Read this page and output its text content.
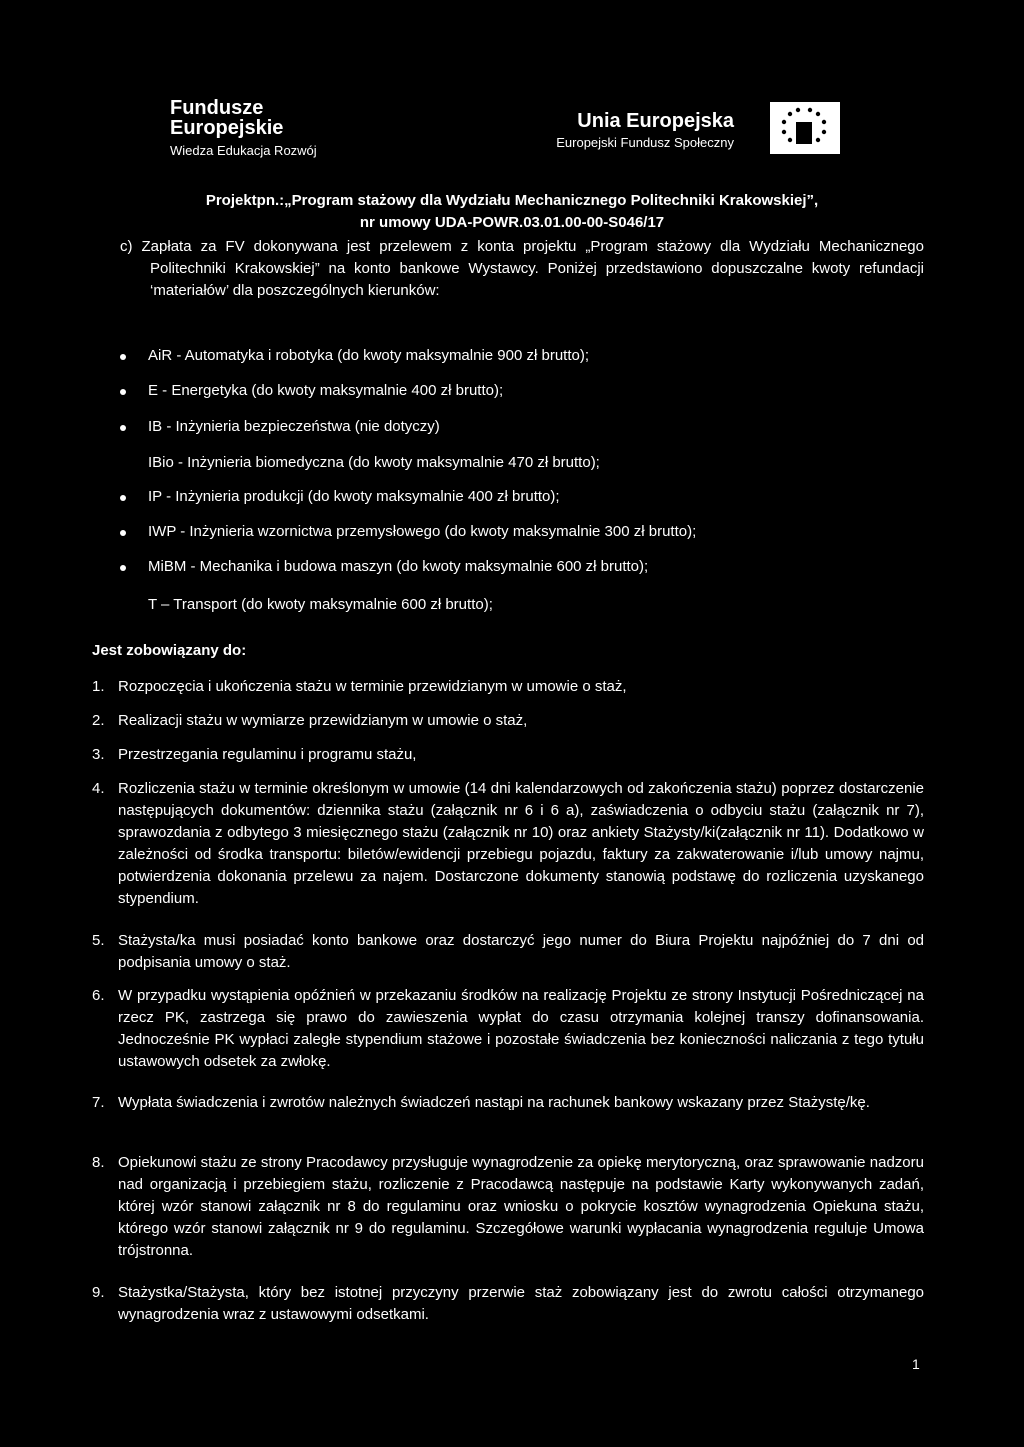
Fundusze
Europejskie
Wiedza Edukacja Rozwój
Unia Europejska
Europejski Fundusz Społeczny
Projektpn.:„Program stażowy dla Wydziału Mechanicznego Politechniki Krakowskiej”,
nr umowy UDA-POWR.03.01.00-00-S046/17
c) Zapłata za FV dokonywana jest przelewem z konta projektu „Program stażowy dla Wydziału Mechanicznego Politechniki Krakowskiej” na konto bankowe Wystawcy. Poniżej przedstawiono dopuszczalne kwoty refundacji ‘materiałów’ dla poszczególnych kierunków:
AiR - Automatyka i robotyka (do kwoty maksymalnie 900 zł brutto);
E - Energetyka (do kwoty maksymalnie 400 zł brutto);
IB - Inżynieria bezpieczeństwa (nie dotyczy)
IBio - Inżynieria biomedyczna (do kwoty maksymalnie 470 zł brutto);
IP - Inżynieria produkcji (do kwoty maksymalnie 400 zł brutto);
IWP - Inżynieria wzornictwa przemysłowego (do kwoty maksymalnie 300 zł brutto);
MiBM - Mechanika i budowa maszyn (do kwoty maksymalnie 600 zł brutto);
T – Transport (do kwoty maksymalnie 600 zł brutto);
Jest zobowiązany do:
1. Rozpoczęcia i ukończenia stażu w terminie przewidzianym w umowie o staż,
2. Realizacji stażu w wymiarze przewidzianym w umowie o staż,
3. Przestrzegania regulaminu i programu stażu,
4. Rozliczenia stażu w terminie określonym w umowie (14 dni kalendarzowych od zakończenia stażu) poprzez dostarczenie następujących dokumentów: dziennika stażu (załącznik nr 6 i 6 a), zaświadczenia o odbyciu stażu (załącznik nr 7), sprawozdania z odbytego 3 miesięcznego stażu (załącznik nr 10) oraz ankiety Stażysty/ki(załącznik nr 11). Dodatkowo w zależności od środka transportu: biletów/ewidencji przebiegu pojazdu, faktury za zakwaterowanie i/lub umowy najmu, potwierdzenia dokonania przelewu za najem. Dostarczone dokumenty stanowią podstawę do rozliczenia uzyskanego stypendium.
5. Stażysta/ka musi posiadać konto bankowe oraz dostarczyć jego numer do Biura Projektu najpóźniej do 7 dni od podpisania umowy o staż.
6. W przypadku wystąpienia opóźnień w przekazaniu środków na realizację Projektu ze strony Instytucji Pośredniczącej na rzecz PK, zastrzega się prawo do zawieszenia wypłat do czasu otrzymania kolejnej transzy dofinansowania. Jednocześnie PK wypłaci zaległe stypendium stażowe i pozostałe świadczenia bez konieczności naliczania z tego tytułu ustawowych odsetek za zwłokę.
7. Wypłata świadczenia i zwrotów należnych świadczeń nastąpi na rachunek bankowy wskazany przez Stażystę/kę.
8. Opiekunowi stażu ze strony Pracodawcy przysługuje wynagrodzenie za opiekę merytoryczną, oraz sprawowanie nadzoru nad organizacją i przebiegiem stażu, rozliczenie z Pracodawcą następuje na podstawie Karty wykonywanych zadań, której wzór stanowi załącznik nr 8 do regulaminu oraz wniosku o pokrycie kosztów wynagrodzenia Opiekuna stażu, którego wzór stanowi załącznik nr 9 do regulaminu. Szczegółowe warunki wypłacania wynagrodzenia reguluje Umowa trójstronna.
9. Stażystka/Stażysta, który bez istotnej przyczyny przerwie staż zobowiązany jest do zwrotu całości otrzymanego wynagrodzenia wraz z ustawowymi odsetkami.
1
